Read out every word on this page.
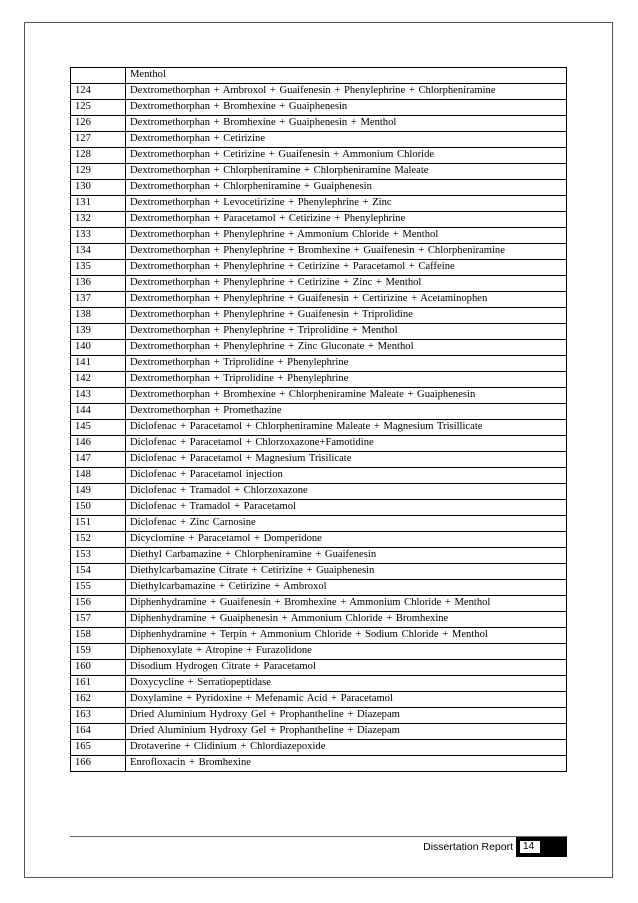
	Menthol
124	Dextromethorphan + Ambroxol + Guaifenesin + Phenylephrine + Chlorpheniramine
125	Dextromethorphan + Bromhexine + Guaiphenesin
126	Dextromethorphan + Bromhexine + Guaiphenesin + Menthol
127	Dextromethorphan + Cetirizine
128	Dextromethorphan + Cetirizine + Guaifenesin + Ammonium Chloride
129	Dextromethorphan + Chlorpheniramine + Chlorpheniramine Maleate
130	Dextromethorphan + Chlorpheniramine + Guaiphenesin
131	Dextromethorphan + Levocetirizine + Phenylephrine + Zinc
132	Dextromethorphan + Paracetamol + Cetirizine + Phenylephrine
133	Dextromethorphan + Phenylephrine + Ammonium Chloride + Menthol
134	Dextromethorphan + Phenylephrine + Bromhexine + Guaifenesin + Chlorpheniramine
135	Dextromethorphan + Phenylephrine + Cetirizine + Paracetamol + Caffeine
136	Dextromethorphan + Phenylephrine + Cetirizine + Zinc + Menthol
137	Dextromethorphan + Phenylephrine + Guaifenesin + Certirizine + Acetaminophen
138	Dextromethorphan + Phenylephrine + Guaifenesin + Triprolidine
139	Dextromethorphan + Phenylephrine + Triprolidine + Menthol
140	Dextromethorphan + Phenylephrine + Zinc Gluconate + Menthol
141	Dextromethorphan + Triprolidine + Phenylephrine
142	Dextromethorphan + Triprolidine + Phenylephrine
143	Dextromethorphan + Bromhexine + Chlorpheniramine Maleate + Guaiphenesin
144	Dextromethorphan + Promethazine
145	Diclofenac + Paracetamol + Chlorpheniramine Maleate + Magnesium Trisillicate
146	Diclofenac + Paracetamol + Chlorzoxazone+Famotidine
147	Diclofenac + Paracetamol + Magnesium Trisilicate
148	Diclofenac + Paracetamol injection
149	Diclofenac + Tramadol + Chlorzoxazone
150	Diclofenac + Tramadol + Paracetamol
151	Diclofenac + Zinc Carnosine
152	Dicyclomine + Paracetamol + Domperidone
153	Diethyl Carbamazine + Chlorpheniramine + Guaifenesin
154	Diethylcarbamazine Citrate + Cetirizine + Guaiphenesin
155	Diethylcarbamazine + Cetirizine + Ambroxol
156	Diphenhydramine + Guaifenesin + Bromhexine + Ammonium Chloride + Menthol
157	Diphenhydramine + Guaiphenesin + Ammonium Chloride + Bromhexine
158	Diphenhydramine + Terpin + Ammonium Chloride + Sodium Chloride + Menthol
159	Diphenoxylate + Atropine + Furazolidone
160	Disodium Hydrogen Citrate + Paracetamol
161	Doxycycline + Serratiopeptidase
162	Doxylamine + Pyridoxine + Mefenamic Acid + Paracetamol
163	Dried Aluminium Hydroxy Gel + Prophantheline + Diazepam
164	Dried Aluminium Hydroxy Gel + Prophantheline + Diazepam
165	Drotaverine + Clidinium + Chlordiazepoxide
166	Enrofloxacin + Bromhexine
Dissertation Report	14
